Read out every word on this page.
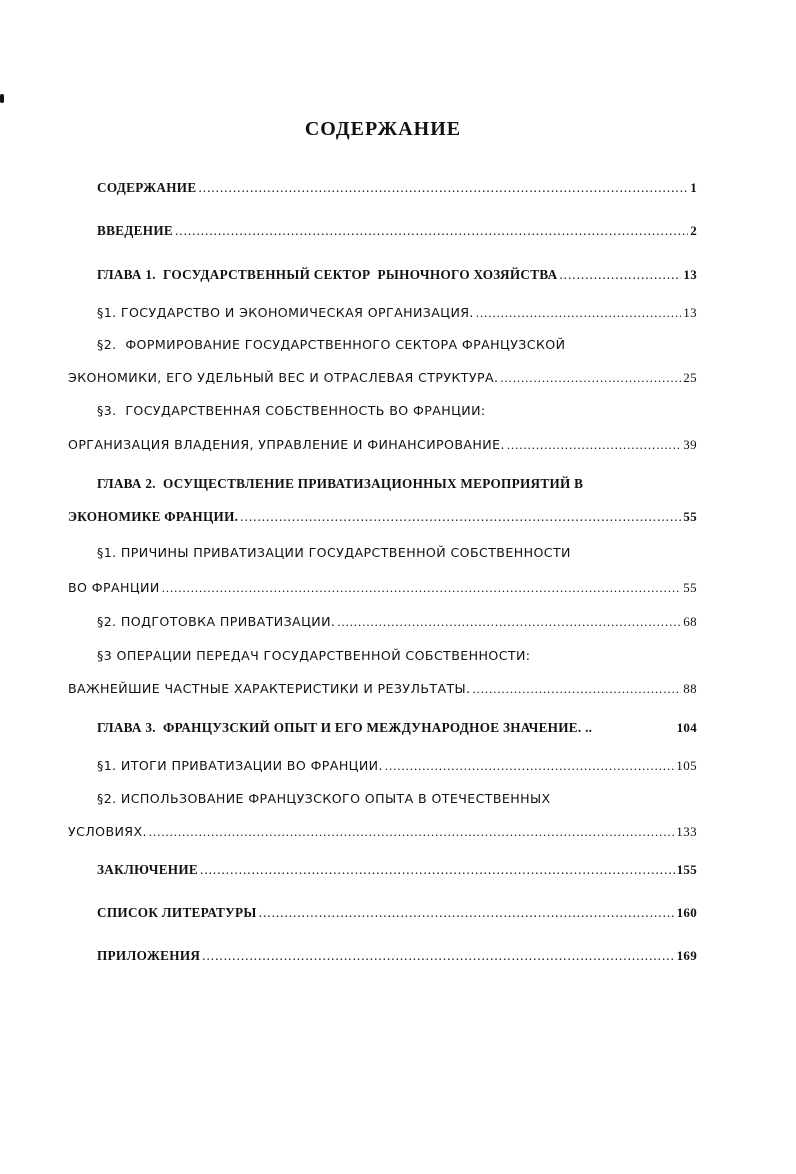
СОДЕРЖАНИЕ
СОДЕРЖАНИЕ .....	1
ВВЕДЕНИЕ .....	2
ГЛАВА 1.  ГОСУДАРСТВЕННЫЙ СЕКТОР  РЫНОЧНОГО ХОЗЯЙСТВА .....	13
§1. ГОСУДАРСТВО И ЭКОНОМИЧЕСКАЯ ОРГАНИЗАЦИЯ. .....	13
§2.  ФОРМИРОВАНИЕ ГОСУДАРСТВЕННОГО СЕКТОРА ФРАНЦУЗСКОЙ
ЭКОНОМИКИ, ЕГО УДЕЛЬНЫЙ ВЕС И ОТРАСЛЕВАЯ СТРУКТУРА. .....	25
§3.  ГОСУДАРСТВЕННАЯ СОБСТВЕННОСТЬ ВО ФРАНЦИИ:
ОРГАНИЗАЦИЯ ВЛАДЕНИЯ, УПРАВЛЕНИЕ И ФИНАНСИРОВАНИЕ. .....	39
ГЛАВА 2.  ОСУЩЕСТВЛЕНИЕ ПРИВАТИЗАЦИОННЫХ МЕРОПРИЯТИЙ В
ЭКОНОМИКЕ ФРАНЦИИ. .....	55
§1. ПРИЧИНЫ ПРИВАТИЗАЦИИ ГОСУДАРСТВЕННОЙ СОБСТВЕННОСТИ
ВО ФРАНЦИИ .....	55
§2. ПОДГОТОВКА ПРИВАТИЗАЦИИ. .....	68
§3 ОПЕРАЦИИ ПЕРЕДАЧ ГОСУДАРСТВЕННОЙ СОБСТВЕННОСТИ:
ВАЖНЕЙШИЕ ЧАСТНЫЕ ХАРАКТЕРИСТИКИ И РЕЗУЛЬТАТЫ. .....	88
ГЛАВА 3.  ФРАНЦУЗСКИЙ ОПЫТ И ЕГО МЕЖДУНАРОДНОЕ ЗНАЧЕНИЕ. ..	104
§1. ИТОГИ ПРИВАТИЗАЦИИ ВО ФРАНЦИИ. .....	105
§2. ИСПОЛЬЗОВАНИЕ ФРАНЦУЗСКОГО ОПЫТА В ОТЕЧЕСТВЕННЫХ
УСЛОВИЯХ. .....	133
ЗАКЛЮЧЕНИЕ .....	155
СПИСОК ЛИТЕРАТУРЫ .....	160
ПРИЛОЖЕНИЯ .....	169
